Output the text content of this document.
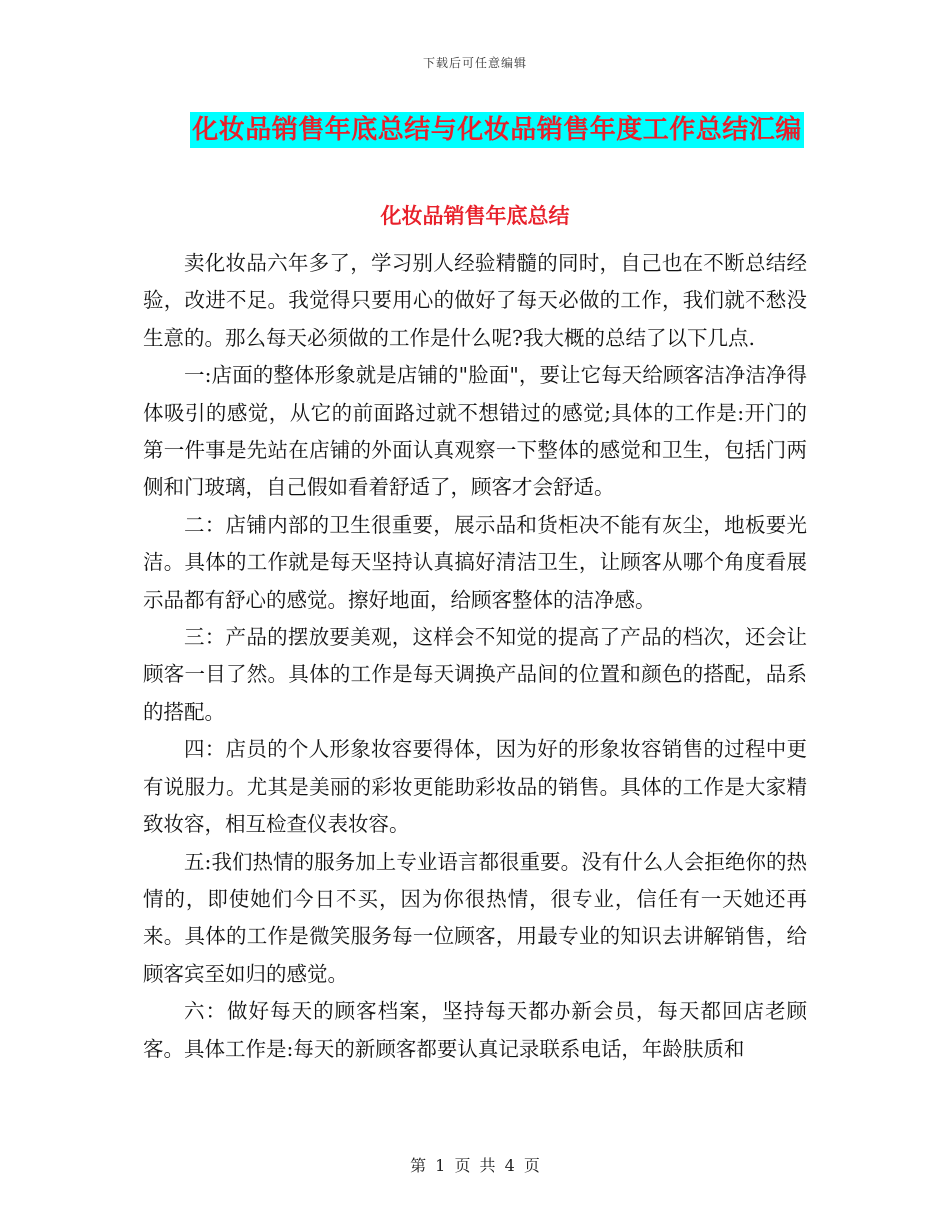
下载后可任意编辑
化妆品销售年底总结与化妆品销售年度工作总结汇编
化妆品销售年底总结

卖化妆品六年多了，学习别人经验精髓的同时，自己也在不断总结经验，改进不足。我觉得只要用心的做好了每天必做的工作，我们就不愁没生意的。那么每天必须做的工作是什么呢?我大概的总结了以下几点.

一:店面的整体形象就是店铺的"脸面"，要让它每天给顾客洁净洁净得体吸引的感觉，从它的前面路过就不想错过的感觉;具体的工作是:开门的第一件事是先站在店铺的外面认真观察一下整体的感觉和卫生，包括门两侧和门玻璃，自己假如看着舒适了，顾客才会舒适。

二：店铺内部的卫生很重要，展示品和货柜决不能有灰尘，地板要光洁。具体的工作就是每天坚持认真搞好清洁卫生，让顾客从哪个角度看展示品都有舒心的感觉。擦好地面，给顾客整体的洁净感。

三：产品的摆放要美观，这样会不知觉的提高了产品的档次，还会让顾客一目了然。具体的工作是每天调换产品间的位置和颜色的搭配，品系的搭配。

四：店员的个人形象妆容要得体，因为好的形象妆容销售的过程中更有说服力。尤其是美丽的彩妆更能助彩妆品的销售。具体的工作是大家精致妆容，相互检查仪表妆容。

五:我们热情的服务加上专业语言都很重要。没有什么人会拒绝你的热情的，即使她们今日不买，因为你很热情，很专业，信任有一天她还再来。具体的工作是微笑服务每一位顾客，用最专业的知识去讲解销售，给顾客宾至如归的感觉。

六：做好每天的顾客档案，坚持每天都办新会员，每天都回店老顾客。具体工作是:每天的新顾客都要认真记录联系电话，年龄肤质和

第 1 页 共 4 页
